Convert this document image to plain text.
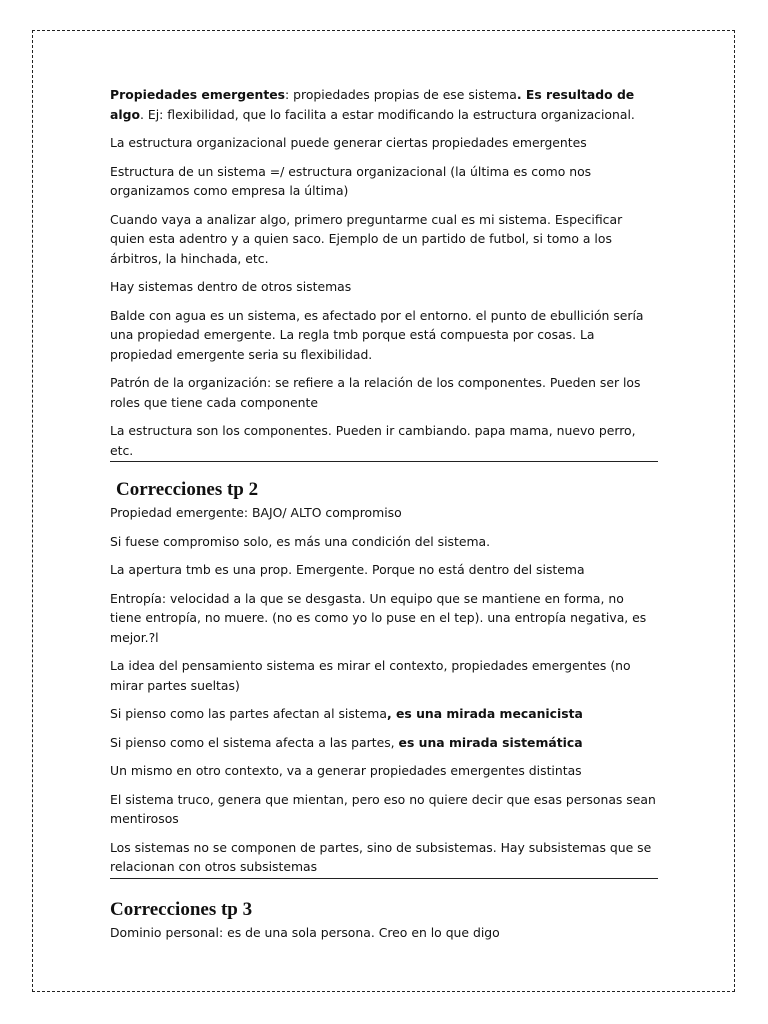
Propiedades emergentes: propiedades propias de ese sistema. Es resultado de algo. Ej: flexibilidad, que lo facilita a estar modificando la estructura organizacional.

La estructura organizacional puede generar ciertas propiedades emergentes

Estructura de un sistema =/ estructura organizacional (la última es como nos organizamos como empresa la última)

Cuando vaya a analizar algo, primero preguntarme cual es mi sistema. Especificar quien esta adentro y a quien saco. Ejemplo de un partido de futbol, si tomo a los árbitros, la hinchada, etc.

Hay sistemas dentro de otros sistemas

Balde con agua es un sistema, es afectado por el entorno. el punto de ebullición sería una propiedad emergente. La regla tmb porque está compuesta por cosas. La propiedad emergente seria su flexibilidad.

Patrón de la organización: se refiere a la relación de los componentes. Pueden ser los roles que tiene cada componente

La estructura son los componentes. Pueden ir cambiando. papa mama, nuevo perro, etc.

Correcciones tp 2

Propiedad emergente: BAJO/ ALTO compromiso

Si fuese compromiso solo, es más una condición del sistema.

La apertura tmb es una prop. Emergente. Porque no está dentro del sistema

Entropía: velocidad a la que se desgasta. Un equipo que se mantiene en forma, no tiene entropía, no muere. (no es como yo lo puse en el tep). una entropía negativa, es mejor.?l

La idea del pensamiento sistema es mirar el contexto, propiedades emergentes (no mirar partes sueltas)

Si pienso como las partes afectan al sistema, es una mirada mecanicista

Si pienso como el sistema afecta a las partes, es una mirada sistemática

Un mismo en otro contexto, va a generar propiedades emergentes distintas

El sistema truco, genera que mientan, pero eso no quiere decir que esas personas sean mentirosos

Los sistemas no se componen de partes, sino de subsistemas. Hay subsistemas que se relacionan con otros subsistemas

Correcciones tp 3

Dominio personal: es de una sola persona. Creo en lo que digo
